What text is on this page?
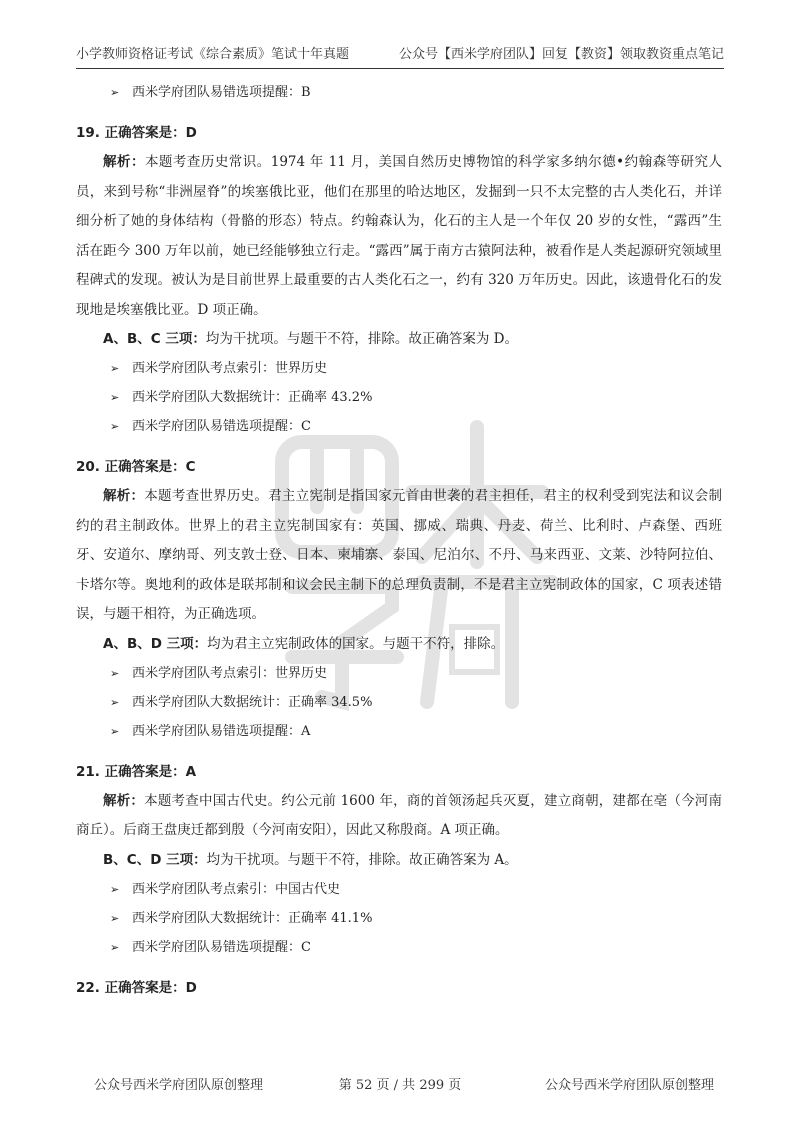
小学教师资格证考试《综合素质》笔试十年真题	公众号【西米学府团队】回复【教资】领取教资重点笔记
➢ 西米学府团队易错选项提醒：B
19. 正确答案是：D
解析：本题考查历史常识。1974 年 11 月，美国自然历史博物馆的科学家多纳尔德•约翰森等研究人员，来到号称“非洲屋脊”的埃塞俄比亚，他们在那里的哈达地区，发掘到一只不太完整的古人类化石，并详细分析了她的身体结构（骨骼的形态）特点。约翰森认为，化石的主人是一个年仅 20 岁的女性，“露西”生活在距今 300 万年以前，她已经能够独立行走。“露西”属于南方古猿阿法种，被看作是人类起源研究领域里程碑式的发现。被认为是目前世界上最重要的古人类化石之一，约有 320 万年历史。因此，该遗骨化石的发现地是埃塞俄比亚。D 项正确。
A、B、C 三项：均为干扰项。与题干不符，排除。故正确答案为 D。
➢ 西米学府团队考点索引：世界历史
➢ 西米学府团队大数据统计：正确率 43.2%
➢ 西米学府团队易错选项提醒：C
20. 正确答案是：C
解析：本题考查世界历史。君主立宪制是指国家元首由世袭的君主担任，君主的权利受到宪法和议会制约的君主制政体。世界上的君主立宪制国家有：英国、挪威、瑞典、丹麦、荷兰、比利时、卢森堡、西班牙、安道尔、摩纳哥、列支敦士登、日本、柬埔寨、泰国、尼泊尔、不丹、马来西亚、文莱、沙特阿拉伯、卡塔尔等。奥地利的政体是联邦制和议会民主制下的总理负责制，不是君主立宪制政体的国家，C 项表述错误，与题干相符，为正确选项。
A、B、D 三项：均为君主立宪制政体的国家。与题干不符，排除。
➢ 西米学府团队考点索引：世界历史
➢ 西米学府团队大数据统计：正确率 34.5%
➢ 西米学府团队易错选项提醒：A
21. 正确答案是：A
解析：本题考查中国古代史。约公元前 1600 年，商的首领汤起兵灭夏，建立商朝，建都在亳（今河南商丘）。后商王盘庚迁都到殷（今河南安阳），因此又称殷商。A 项正确。
B、C、D 三项：均为干扰项。与题干不符，排除。故正确答案为 A。
➢ 西米学府团队考点索引：中国古代史
➢ 西米学府团队大数据统计：正确率 41.1%
➢ 西米学府团队易错选项提醒：C
22. 正确答案是：D
公众号西米学府团队原创整理	第 52 页 / 共 299 页	公众号西米学府团队原创整理
